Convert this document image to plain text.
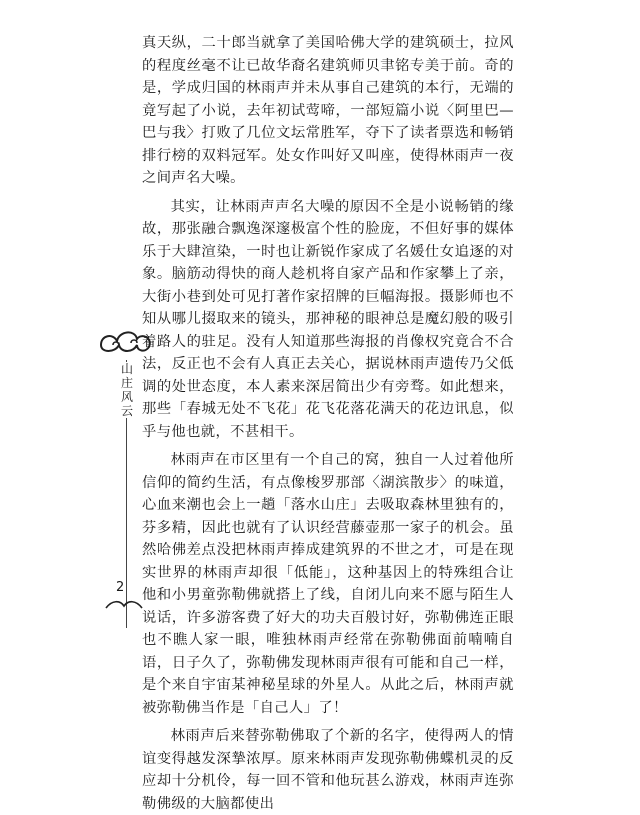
真天纵，二十郎当就拿了美国哈佛大学的建筑硕士，拉风的程度丝毫不让已故华裔名建筑师贝聿铭专美于前。奇的是，学成归国的林雨声并未从事自己建筑的本行，无端的竟写起了小说，去年初试莺啼，一部短篇小说〈阿里巴—巴与我〉打败了几位文坛常胜军，夺下了读者票选和畅销排行榜的双料冠军。处女作叫好又叫座，使得林雨声一夜之间声名大噪。

其实，让林雨声声名大噪的原因不全是小说畅销的缘故，那张融合飘逸深邃极富个性的脸庞，不但好事的媒体乐于大肆渲染，一时也让新锐作家成了名媛仕女追逐的对象。脑筋动得快的商人趁机将自家产品和作家攀上了亲，大街小巷到处可见打著作家招牌的巨幅海报。摄影师也不知从哪儿掇取来的镜头，那神秘的眼神总是魔幻般的吸引着路人的驻足。没有人知道那些海报的肖像权究竟合不合法，反正也不会有人真正去关心，据说林雨声遗传乃父低调的处世态度，本人素来深居简出少有旁骛。如此想来，那些「春城无处不飞花」花飞花落花满天的花边讯息，似乎与他也就，不甚相干。

林雨声在市区里有一个自己的窝，独自一人过着他所信仰的简约生活，有点像梭罗那部〈湖滨散步〉的味道，心血来潮也会上一趟「落水山庄」去吸取森林里独有的，芬多精，因此也就有了认识经营藤壶那一家子的机会。虽然哈佛差点没把林雨声捧成建筑界的不世之才，可是在现实世界的林雨声却很「低能」，这种基因上的特殊组合让他和小男童弥勒佛就搭上了线，自闭儿向来不愿与陌生人说话，许多游客费了好大的功夫百般讨好，弥勒佛连正眼也不瞧人家一眼，唯独林雨声经常在弥勒佛面前喃喃自语，日子久了，弥勒佛发现林雨声很有可能和自己一样，是个来自宇宙某神秘星球的外星人。从此之后，林雨声就被弥勒佛当作是「自己人」了！

林雨声后来替弥勒佛取了个新的名字，使得两人的情谊变得越发深摯浓厚。原来林雨声发现弥勒佛蝶机灵的反应却十分机伶，每一回不管和他玩甚么游戏，林雨声连弥勒佛级的大脑都使出

山庄风云
2
